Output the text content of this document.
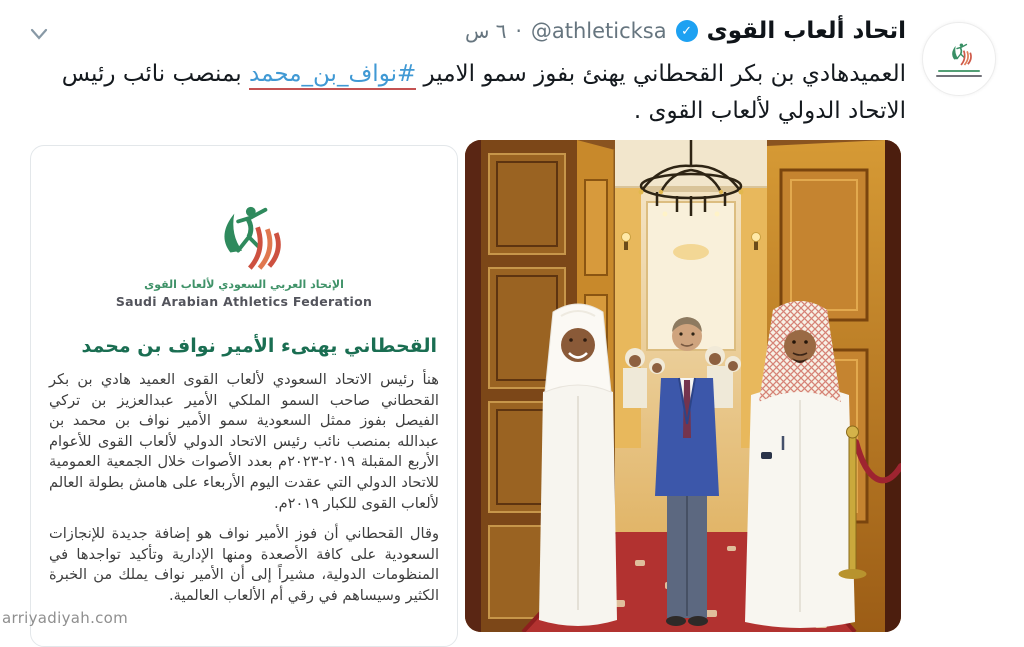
اتحاد ألعاب القوى
✓
@athleticksa
·
٦ س
العميدهادي بن بكر القحطاني يهنئ بفوز سمو الامير #نواف_بن_محمد بمنصب نائب رئيس الاتحاد الدولي لألعاب القوى .
الإتحاد العربي السعودي لألعاب القوى
Saudi Arabian Athletics Federation
القحطاني يهنىء الأمير نواف بن محمد

هنأ رئيس الاتحاد السعودي لألعاب القوى العميد هادي بن بكر القحطاني صاحب السمو الملكي الأمير عبدالعزيز بن تركي الفيصل بفوز ممثل السعودية سمو الأمير نواف بن محمد بن عبدالله بمنصب نائب رئيس الاتحاد الدولي لألعاب القوى للأعوام الأربع المقبلة ٢٠١٩-٢٠٢٣م بعدد الأصوات خلال الجمعية العمومية للاتحاد الدولي التي عقدت اليوم الأربعاء على هامش بطولة العالم لألعاب القوى للكبار ٢٠١٩م.

وقال القحطاني أن فوز الأمير نواف هو إضافة جديدة للإنجازات السعودية على كافة الأصعدة ومنها الإدارية وتأكيد تواجدها في المنظومات الدولية، مشيراً إلى أن الأمير نواف يملك من الخبرة الكثير وسيساهم في رقي أم الألعاب العالمية.

arriyadiyah.com
